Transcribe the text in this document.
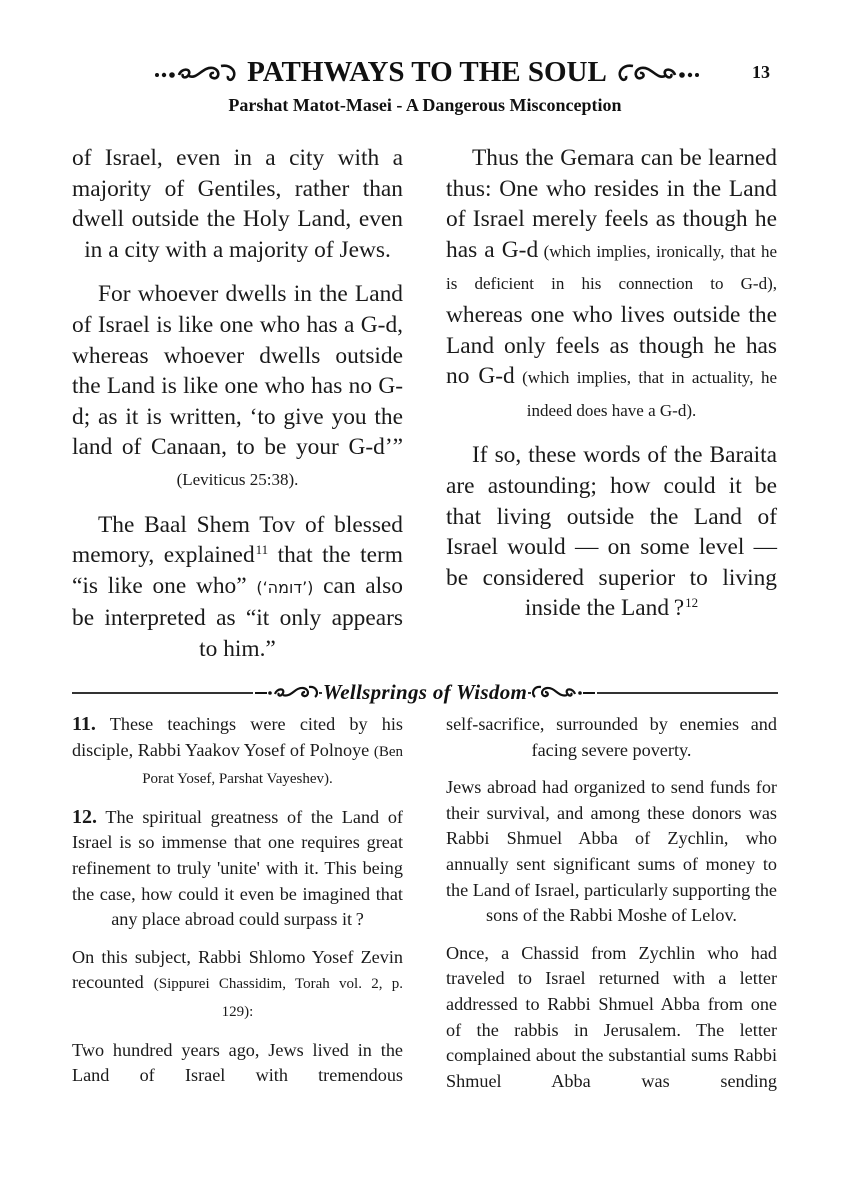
PATHWAYS TO THE SOUL	13
Parshat Matot-Masei - A Dangerous Misconception

of Israel, even in a city with a majority of Gentiles, rather than dwell outside the Holy Land, even in a city with a majority of Jews.

For whoever dwells in the Land of Israel is like one who has a G-d, whereas whoever dwells outside the Land is like one who has no G-d; as it is written, ‘to give you the land of Canaan, to be your G-d’” (Leviticus 25:38).

The Baal Shem Tov of blessed memory, explained$^{11}$ that the term “is like one who” (‘דומה’) can also be interpreted as “it only appears to him.”

Thus the Gemara can be learned thus: One who resides in the Land of Israel merely feels as though he has a G-d (which implies, ironically, that he is deficient in his connection to G-d), whereas one who lives outside the Land only feels as though he has no G-d (which implies, that in actuality, he indeed does have a G-d).

If so, these words of the Baraita are astounding; how could it be that living outside the Land of Israel would — on some level — be considered superior to living inside the Land ?$^{12}$

Wellsprings of Wisdom

11. These teachings were cited by his disciple, Rabbi Yaakov Yosef of Polnoye (Ben Porat Yosef, Parshat Vayeshev).

12. The spiritual greatness of the Land of Israel is so immense that one requires great refinement to truly 'unite' with it. This being the case, how could it even be imagined that any place abroad could surpass it ?

On this subject, Rabbi Shlomo Yosef Zevin recounted (Sippurei Chassidim, Torah vol. 2, p. 129):

Two hundred years ago, Jews lived in the Land of Israel with tremendous

self-sacrifice, surrounded by enemies and facing severe poverty.

Jews abroad had organized to send funds for their survival, and among these donors was Rabbi Shmuel Abba of Zychlin, who annually sent significant sums of money to the Land of Israel, particularly supporting the sons of the Rabbi Moshe of Lelov.

Once, a Chassid from Zychlin who had traveled to Israel returned with a letter addressed to Rabbi Shmuel Abba from one of the rabbis in Jerusalem. The letter complained about the substantial sums Rabbi Shmuel Abba was sending
